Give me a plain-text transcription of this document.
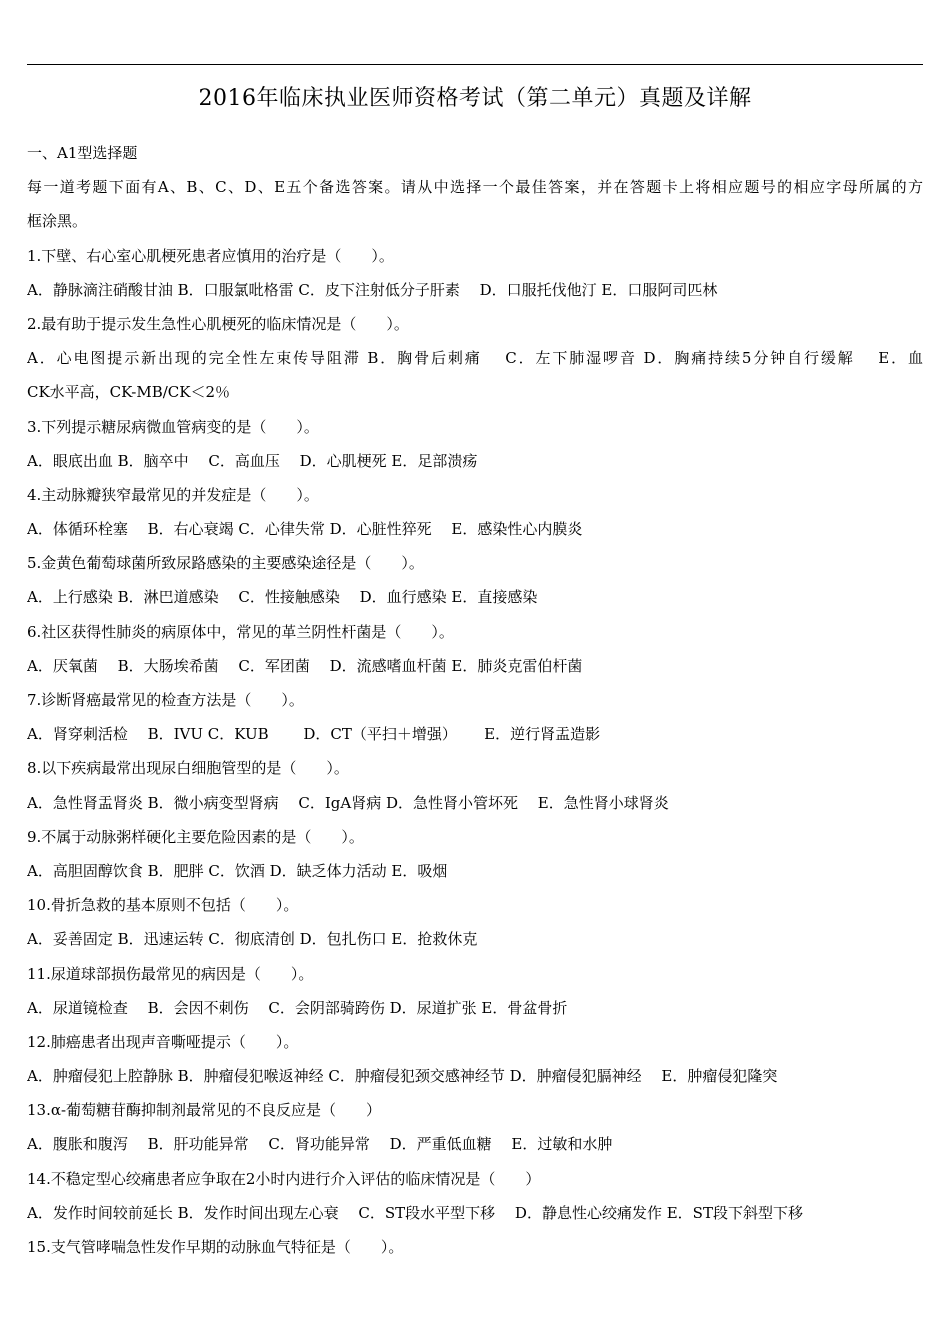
2016年临床执业医师资格考试（第二单元）真题及详解
一、A1型选择题
每一道考题下面有A、B、C、D、E五个备选答案。请从中选择一个最佳答案，并在答题卡上将相应题号的相应字母所属的方
框涂黑。
1.下壁、右心室心肌梗死患者应慎用的治疗是（　　）。
A．静脉滴注硝酸甘油 B．口服氯吡格雷 C．皮下注射低分子肝素　 D．口服托伐他汀 E．口服阿司匹林
2.最有助于提示发生急性心肌梗死的临床情况是（　　）。
A．心电图提示新出现的完全性左束传导阻滞 B．胸骨后刺痛　 C．左下肺湿啰音 D．胸痛持续5分钟自行缓解　 E．血
CK水平高，CK-MB/CK＜2％
3.下列提示糖尿病微血管病变的是（　　）。
A．眼底出血 B．脑卒中　 C．高血压　 D．心肌梗死 E．足部溃疡
4.主动脉瓣狭窄最常见的并发症是（　　）。
A．体循环栓塞　 B．右心衰竭 C．心律失常 D．心脏性猝死　 E．感染性心内膜炎
5.金黄色葡萄球菌所致尿路感染的主要感染途径是（　　）。
A．上行感染 B．淋巴道感染　 C．性接触感染　 D．血行感染 E．直接感染
6.社区获得性肺炎的病原体中，常见的革兰阴性杆菌是（　　）。
A．厌氧菌　 B．大肠埃希菌　 C．军团菌　 D．流感嗜血杆菌 E．肺炎克雷伯杆菌
7.诊断肾癌最常见的检查方法是（　　）。
A．肾穿刺活检　 B．IVU C．KUB　　 D．CT（平扫＋增强）　　 E．逆行肾盂造影
8.以下疾病最常出现尿白细胞管型的是（　　）。
A．急性肾盂肾炎 B．微小病变型肾病　 C．IgA肾病 D．急性肾小管坏死　 E．急性肾小球肾炎
9.不属于动脉粥样硬化主要危险因素的是（　　）。
A．高胆固醇饮食 B．肥胖 C．饮酒 D．缺乏体力活动 E．吸烟
10.骨折急救的基本原则不包括（　　）。
A．妥善固定 B．迅速运转 C．彻底清创 D．包扎伤口 E．抢救休克
11.尿道球部损伤最常见的病因是（　　）。
A．尿道镜检查　 B．会因不刺伤　 C．会阴部骑跨伤 D．尿道扩张 E．骨盆骨折
12.肺癌患者出现声音嘶哑提示（　　）。
A．肿瘤侵犯上腔静脉 B．肿瘤侵犯喉返神经 C．肿瘤侵犯颈交感神经节 D．肿瘤侵犯膈神经　 E．肿瘤侵犯隆突
13.α-葡萄糖苷酶抑制剂最常见的不良反应是（　　）
A．腹胀和腹泻　 B．肝功能异常　 C．肾功能异常　 D．严重低血糖　 E．过敏和水肿
14.不稳定型心绞痛患者应争取在2小时内进行介入评估的临床情况是（　　）
A．发作时间较前延长 B．发作时间出现左心衰　 C．ST段水平型下移　 D．静息性心绞痛发作 E．ST段下斜型下移
15.支气管哮喘急性发作早期的动脉血气特征是（　　）。
